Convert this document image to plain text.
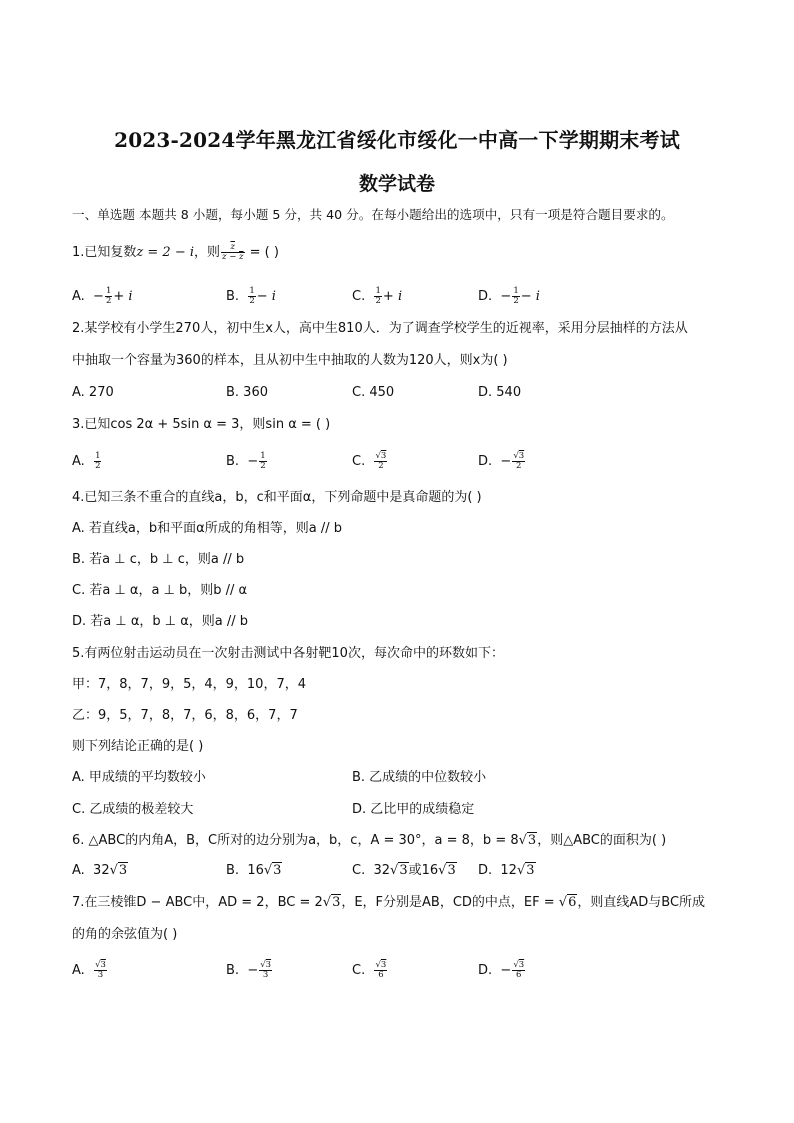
2023-2024学年黑龙江省绥化市绥化一中高一下学期期末考试
数学试卷
一、单选题 本题共 8 小题，每小题 5 分，共 40 分。在每小题给出的选项中，只有一项是符合题目要求的。
1.已知复数z = 2 − i，则 $\frac{\overline{z}}{z - \overline{z}}$ = ( )
A.  − $\frac{1}{2} + i$	B. $\frac{1}{2} - i$	C. $\frac{1}{2} + i$	D.  − $\frac{1}{2} - i$
2.某学校有小学生270人，初中生x人，高中生810人．为了调查学校学生的近视率，采用分层抽样的方法从
中抽取一个容量为360的样本，且从初中生中抽取的人数为120人，则x为( )
A. 270	B. 360	C. 450	D. 540
3.已知cos 2α + 5sin α = 3，则sin α = ( )
A. $\frac{1}{2}$	B.  − $\frac{1}{2}$	C. $\frac{√3}{2}$	D.  − $\frac{√3}{2}$
4.已知三条不重合的直线a，b，c和平面α，下列命题中是真命题的为( )
A. 若直线a，b和平面α所成的角相等，则a // b
B. 若a ⊥ c，b ⊥ c，则a // b
C. 若a ⊥ α，a ⊥ b，则b // α
D. 若a ⊥ α，b ⊥ α，则a // b
5.有两位射击运动员在一次射击测试中各射靶10次，每次命中的环数如下：
甲：7，8，7，9，5，4，9，10，7，4
乙：9，5，7，8，7，6，8，6，7，7
则下列结论正确的是( )
A. 甲成绩的平均数较小	B. 乙成绩的中位数较小
C. 乙成绩的极差较大	D. 乙比甲的成绩稳定
6. △ABC的内角A，B，C所对的边分别为a，b，c，A = 30°，a = 8，b = 8√3，则△ABC的面积为( )
A.  32√3	B.  16√3	C.  32√3或16√3 D.  12√3
7.在三棱锥D − ABC中，AD = 2，BC = 2√3，E，F分别是AB，CD的中点，EF = √6，则直线AD与BC所成
的角的余弦值为( )
A. $\frac{√3}{3}$	B.  − $\frac{√3}{3}$	C. $\frac{√3}{6}$	D.  − $\frac{√3}{6}$
